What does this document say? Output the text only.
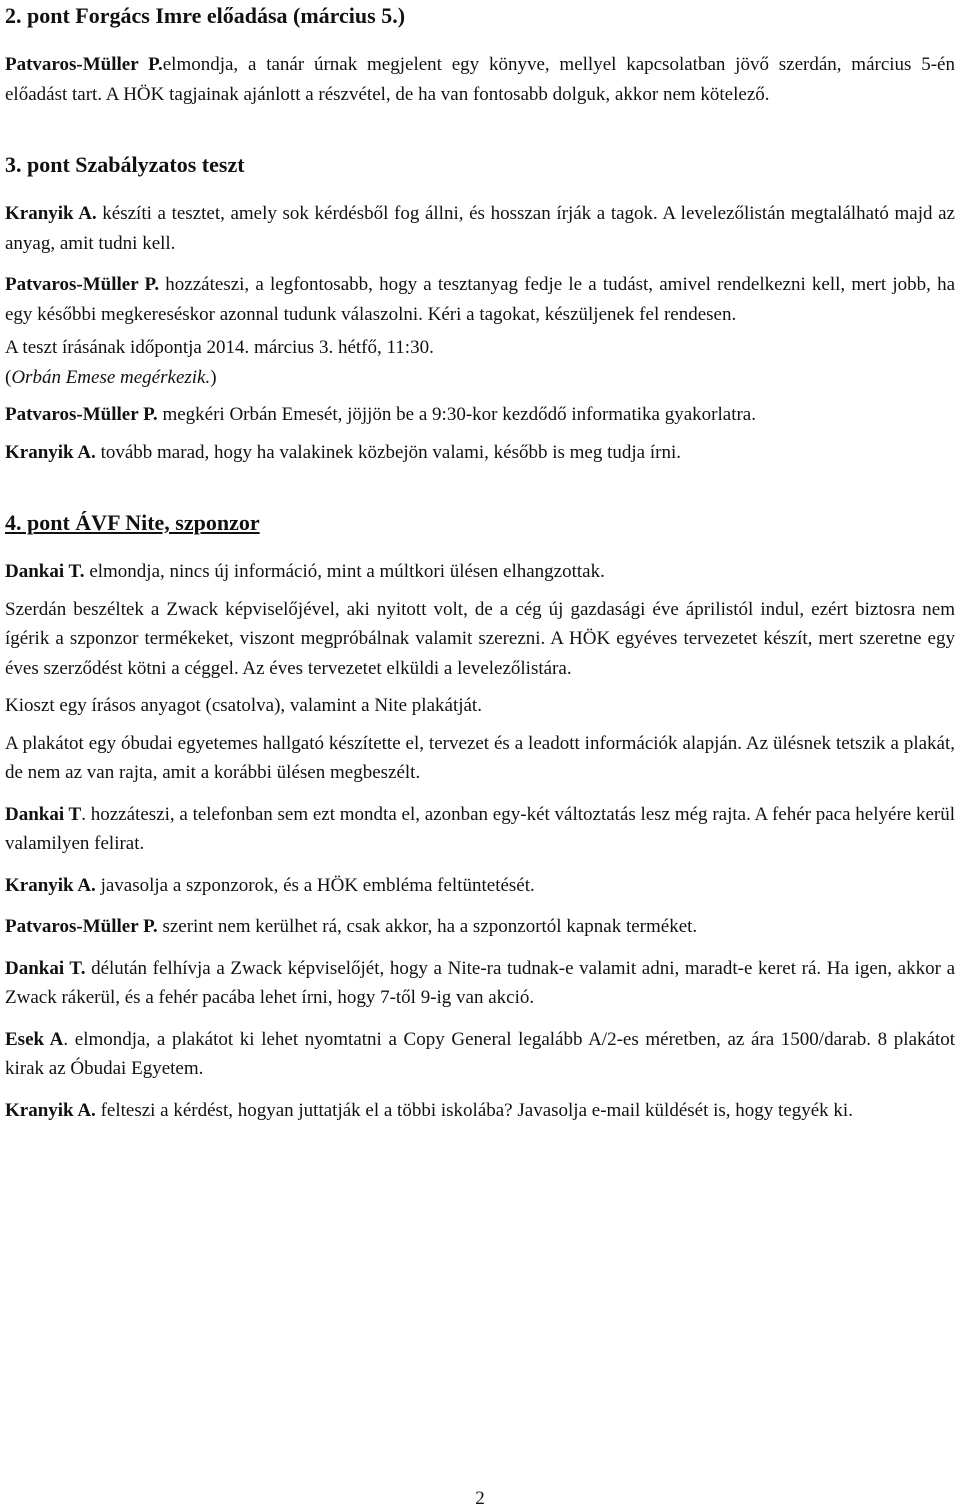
2. pont Forgács Imre előadása (március 5.)

Patvaros-Müller P.elmondja, a tanár úrnak megjelent egy könyve, mellyel kapcsolatban jövő szerdán, március 5-én előadást tart. A HÖK tagjainak ajánlott a részvétel, de ha van fontosabb dolguk, akkor nem kötelező.

3. pont Szabályzatos teszt

Kranyik A. készíti a tesztet, amely sok kérdésből fog állni, és hosszan írják a tagok. A levelezőlistán megtalálható majd az anyag, amit tudni kell.

Patvaros-Müller P. hozzáteszi, a legfontosabb, hogy a tesztanyag fedje le a tudást, amivel rendelkezni kell, mert jobb, ha egy későbbi megkereséskor azonnal tudunk válaszolni. Kéri a tagokat, készüljenek fel rendesen.

A teszt írásának időpontja 2014. március 3. hétfő, 11:30.

(Orbán Emese megérkezik.)

Patvaros-Müller P. megkéri Orbán Emesét, jöjjön be a 9:30-kor kezdődő informatika gyakorlatra.

Kranyik A. tovább marad, hogy ha valakinek közbejön valami, később is meg tudja írni.

4. pont ÁVF Nite, szponzor

Dankai T. elmondja, nincs új információ, mint a múltkori ülésen elhangzottak.

Szerdán beszéltek a Zwack képviselőjével, aki nyitott volt, de a cég új gazdasági éve áprilistól indul, ezért biztosra nem ígérik a szponzor termékeket, viszont megpróbálnak valamit szerezni. A HÖK egyéves tervezetet készít, mert szeretne egy éves szerződést kötni a céggel. Az éves tervezetet elküldi a levelezőlistára.

Kioszt egy írásos anyagot (csatolva), valamint a Nite plakátját.

A plakátot egy óbudai egyetemes hallgató készítette el, tervezet és a leadott információk alapján. Az ülésnek tetszik a plakát, de nem az van rajta, amit a korábbi ülésen megbeszélt.

Dankai T. hozzáteszi, a telefonban sem ezt mondta el, azonban egy-két változtatás lesz még rajta. A fehér paca helyére kerül valamilyen felirat.

Kranyik A. javasolja a szponzorok, és a HÖK embléma feltüntetését.

Patvaros-Müller P. szerint nem kerülhet rá, csak akkor, ha a szponzortól kapnak terméket.

Dankai T. délután felhívja a Zwack képviselőjét, hogy a Nite-ra tudnak-e valamit adni, maradt-e keret rá. Ha igen, akkor a Zwack rákerül, és a fehér pacába lehet írni, hogy 7-től 9-ig van akció.

Esek A. elmondja, a plakátot ki lehet nyomtatni a Copy General legalább A/2-es méretben, az ára 1500/darab. 8 plakátot kirak az Óbudai Egyetem.

Kranyik A. felteszi a kérdést, hogyan juttatják el a többi iskolába? Javasolja e-mail küldését is, hogy tegyék ki.

2
